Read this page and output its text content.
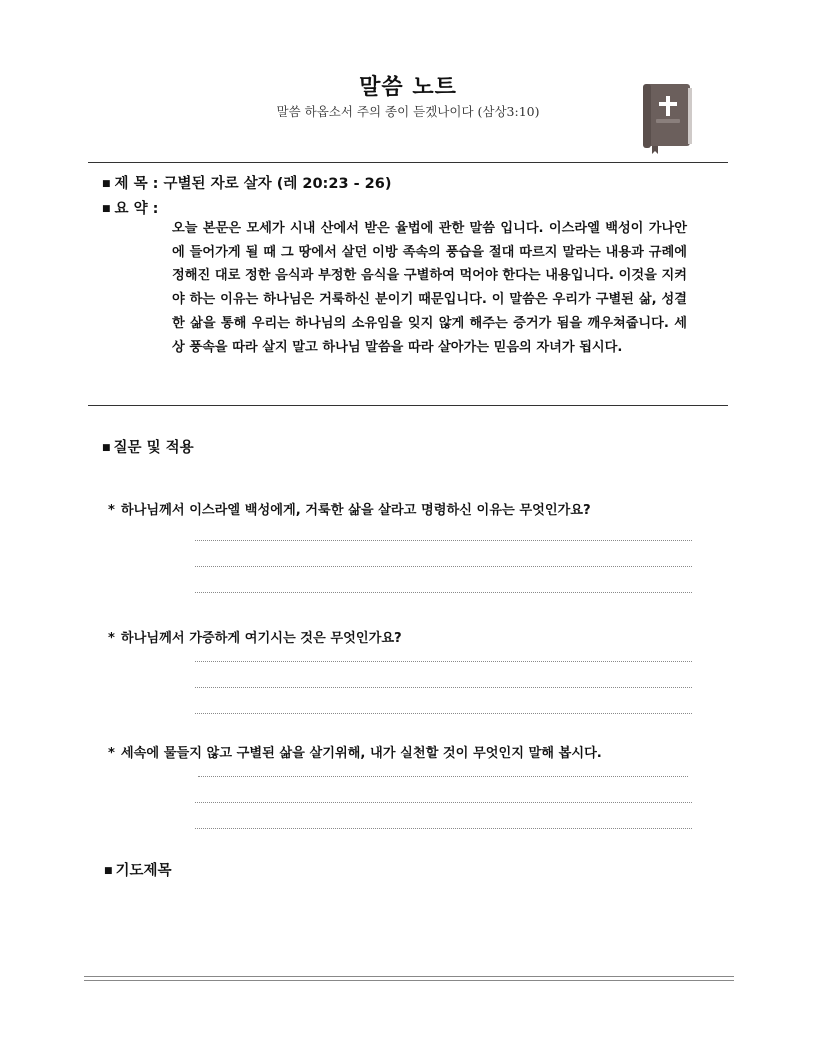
말씀 노트
말씀 하옵소서 주의 종이 듣겠나이다 (삼상3:10)
■ 제 목 : 구별된 자로 살자 (레 20:23 - 26)
■ 요 약 :
오늘 본문은 모세가 시내 산에서 받은 율법에 관한 말씀 입니다. 이스라엘 백성이 가나안에 들어가게 될 때 그 땅에서 살던 이방 족속의 풍습을 절대 따르지 말라는 내용과 규례에 정해진 대로 정한 음식과 부정한 음식을 구별하여 먹어야 한다는 내용입니다. 이것을 지켜야 하는 이유는 하나님은 거룩하신 분이기 때문입니다. 이 말씀은 우리가 구별된 삶, 성결한 삶을 통해 우리는 하나님의 소유임을 잊지 않게 해주는 증거가 됨을 깨우쳐줍니다. 세상 풍속을 따라 살지 말고 하나님 말씀을 따라 살아가는 믿음의 자녀가 됩시다.
■ 질문 및 적용
* 하나님께서 이스라엘 백성에게, 거룩한 삶을 살라고 명령하신 이유는 무엇인가요?
* 하나님께서 가증하게 여기시는 것은 무엇인가요?
* 세속에 물들지 않고 구별된 삶을 살기위해, 내가 실천할 것이 무엇인지 말해 봅시다.
■ 기도제목
